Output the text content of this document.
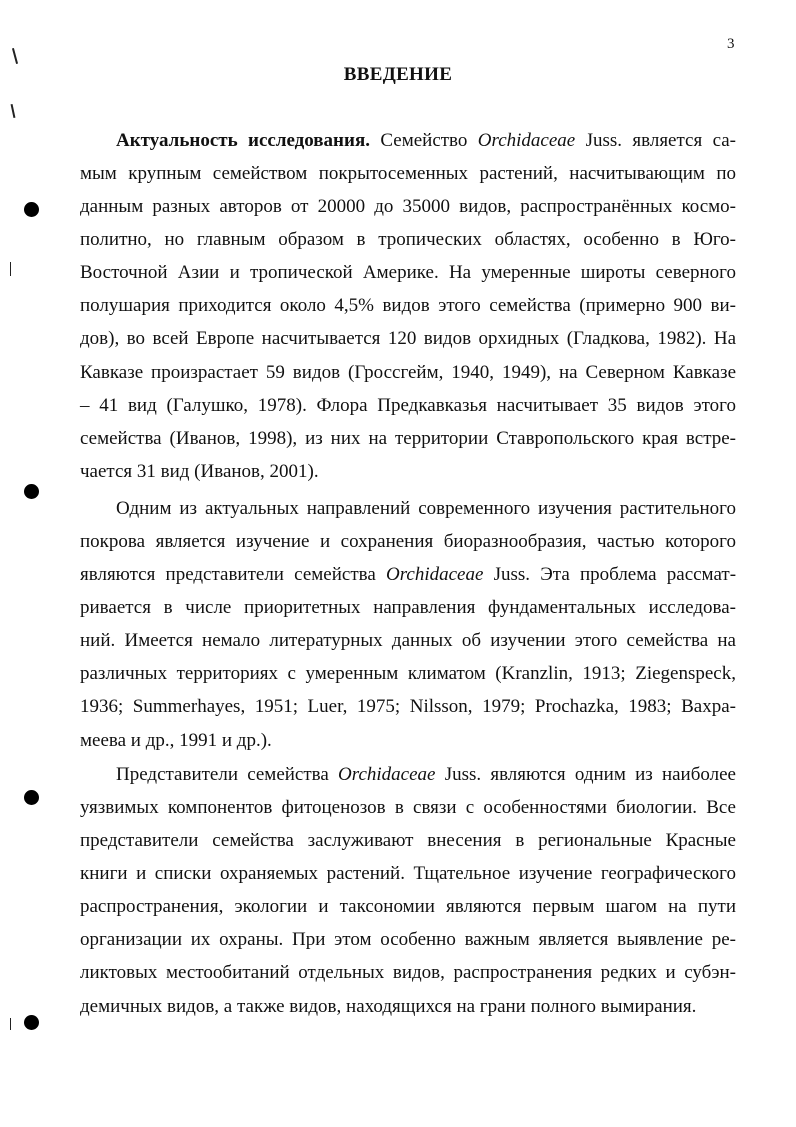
3
ВВЕДЕНИЕ
Актуальность исследования. Семейство Orchidaceae Juss. является са-
мым крупным семейством покрытосеменных растений, насчитывающим по
данным разных авторов от 20000 до 35000 видов, распространённых космо-
политно, но главным образом в тропических областях, особенно в Юго-
Восточной Азии и тропической Америке. На умеренные широты северного
полушария приходится около 4,5% видов этого семейства (примерно 900 ви-
дов), во всей Европе насчитывается 120 видов орхидных (Гладкова, 1982). На
Кавказе произрастает 59 видов (Гроссгейм, 1940, 1949), на Северном Кавказе
– 41 вид (Галушко, 1978). Флора Предкавказья насчитывает 35 видов этого
семейства (Иванов, 1998), из них на территории Ставропольского края встре-
чается 31 вид (Иванов, 2001).
Одним из актуальных направлений современного изучения растительного
покрова является изучение и сохранения биоразнообразия, частью которого
являются представители семейства Orchidaceae Juss. Эта проблема рассмат-
ривается в числе приоритетных направления фундаментальных исследова-
ний. Имеется немало литературных данных об изучении этого семейства на
различных территориях с умеренным климатом (Kranzlin, 1913; Ziegenspeck,
1936; Summerhayes, 1951; Luer, 1975; Nilsson, 1979; Prochazka, 1983; Вахра-
меева и др., 1991 и др.).
Представители семейства Orchidaceae Juss. являются одним из наиболее
уязвимых компонентов фитоценозов в связи с особенностями биологии. Все
представители семейства заслуживают внесения в региональные Красные
книги и списки охраняемых растений. Тщательное изучение географического
распространения, экологии и таксономии являются первым шагом на пути
организации их охраны. При этом особенно важным является выявление ре-
ликтовых местообитаний отдельных видов, распространения редких и субэн-
демичных видов, а также видов, находящихся на грани полного вымирания.
